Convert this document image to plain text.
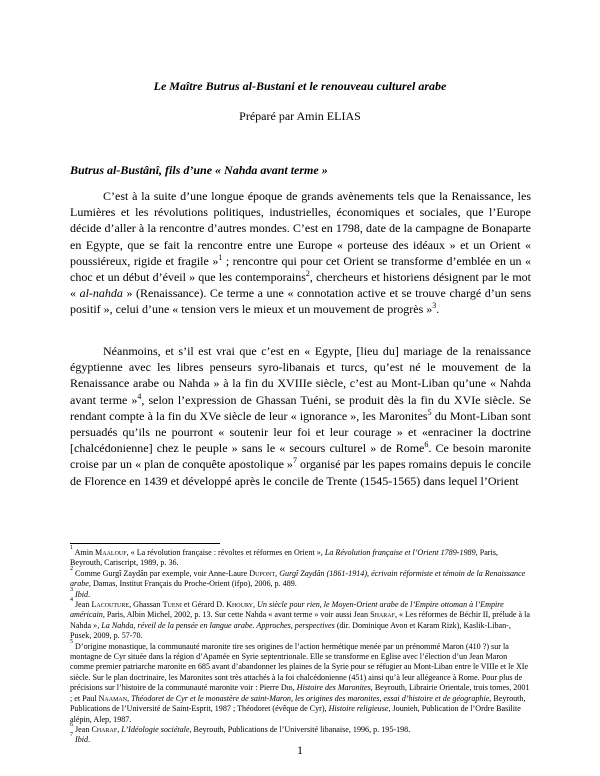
Le Maître Butrus al-Bustani et le renouveau culturel arabe
Préparé par Amin ELIAS
Butrus al-Bustânî, fils d’une « Nahda avant terme »

C’est à la suite d’une longue époque de grands avènements tels que la Renaissance, les Lumières et les révolutions politiques, industrielles, économiques et sociales, que l’Europe décide d’aller à la rencontre d’autres mondes. C’est en 1798, date de la campagne de Bonaparte en Egypte, que se fait la rencontre entre une Europe « porteuse des idéaux » et un Orient « poussiéreux, rigide et fragile »$^1$ ; rencontre qui pour cet Orient se transforme d’emblée en un « choc et un début d’éveil » que les contemporains$^2$, chercheurs et historiens désignent par le mot « al-nahda » (Renaissance). Ce terme a une « connotation active et se trouve chargé d’un sens positif », celui d’une « tension vers le mieux et un mouvement de progrès »$^3$.

Néanmoins, et s’il est vrai que c’est en « Egypte, [lieu du] mariage de la renaissance égyptienne avec les libres penseurs syro-libanais et turcs, qu’est né le mouvement de la Renaissance arabe ou Nahda » à la fin du XVIIIe siècle, c’est au Mont-Liban qu’une « Nahda avant terme »$^4$, selon l’expression de Ghassan Tuéni, se produit dès la fin du XVIe siècle. Se rendant compte à la fin du XVe siècle de leur « ignorance », les Maronites$^5$ du Mont-Liban sont persuadés qu’ils ne pourront « soutenir leur foi et leur courage » et «enraciner la doctrine [chalcédonienne] chez le peuple » sans le « secours culturel » de Rome$^6$. Ce besoin maronite croise par un « plan de conquête apostolique »$^7$ organisé par les papes romains depuis le concile de Florence en 1439 et développé après le concile de Trente (1545-1565) dans lequel l’Orient

$^1$ Amin Maalouf, « La révolution française : révoltes et réformes en Orient », La Révolution française et l’Orient 1789-1989, Paris, Beyrouth, Cariscript, 1989, p. 36.

$^2$ Comme Gurgî Zaydân par exemple, voir Anne-Laure Dupont, Gurgî Zaydân (1861-1914), écrivain réformiste et témoin de la Renaissance arabe, Damas, Institut Français du Proche-Orient (ifpo), 2006, p. 489.

$^3$ Ibid.

$^4$ Jean Lacouture, Ghassan Tueni et Gérard D. Khoury, Un siècle pour rien, le Moyen-Orient arabe de l’Empire ottoman à l’Empire américain, Paris, Albin Michel, 2002, p. 13. Sur cette Nahda « avant terme » voir aussi Jean Sharaf, « Les réformes de Béchir II, prélude à la Nahda », La Nahda, réveil de la pensée en langue arabe. Approches, perspectives (dir. Dominique Avon et Karam Rizk), Kaslik-Liban-, Pusek, 2009, p. 57-70.

$^5$ D’origine monastique, la communauté maronite tire ses origines de l’action hermétique menée par un prénommé Maron (410 ?) sur la montagne de Cyr située dans la région d’Apamée en Syrie septentrionale. Elle se transforme en Eglise avec l’élection d’un Jean Maron comme premier patriarche maronite en 685 avant d’abandonner les plaines de la Syrie pour se réfugier au Mont-Liban entre le VIIIe et le XIe siècle. Sur le plan doctrinaire, les Maronites sont très attachés à la foi chalcédonienne (451) ainsi qu’à leur allégeance à Rome. Pour plus de précisions sur l’histoire de la communauté maronite voir : Pierre Dib, Histoire des Maronites, Beyrouth, Librairie Orientale, trois tomes, 2001 ; et Paul Naaman, Théodoret de Cyr et le monastère de saint-Maron, les origines des maronites, essai d’histoire et de géographie, Beyrouth, Publications de l’Université de Saint-Esprit, 1987 ; Théodoret (évêque de Cyr), Histoire religieuse, Jounieh, Publication de l’Ordre Basilite alépin, Alep, 1987.

$^6$ Jean Charaf, L’Idéologie sociétale, Beyrouth, Publications de l’Université libanaise, 1996, p. 195-198.

$^7$ Ibid.

1
